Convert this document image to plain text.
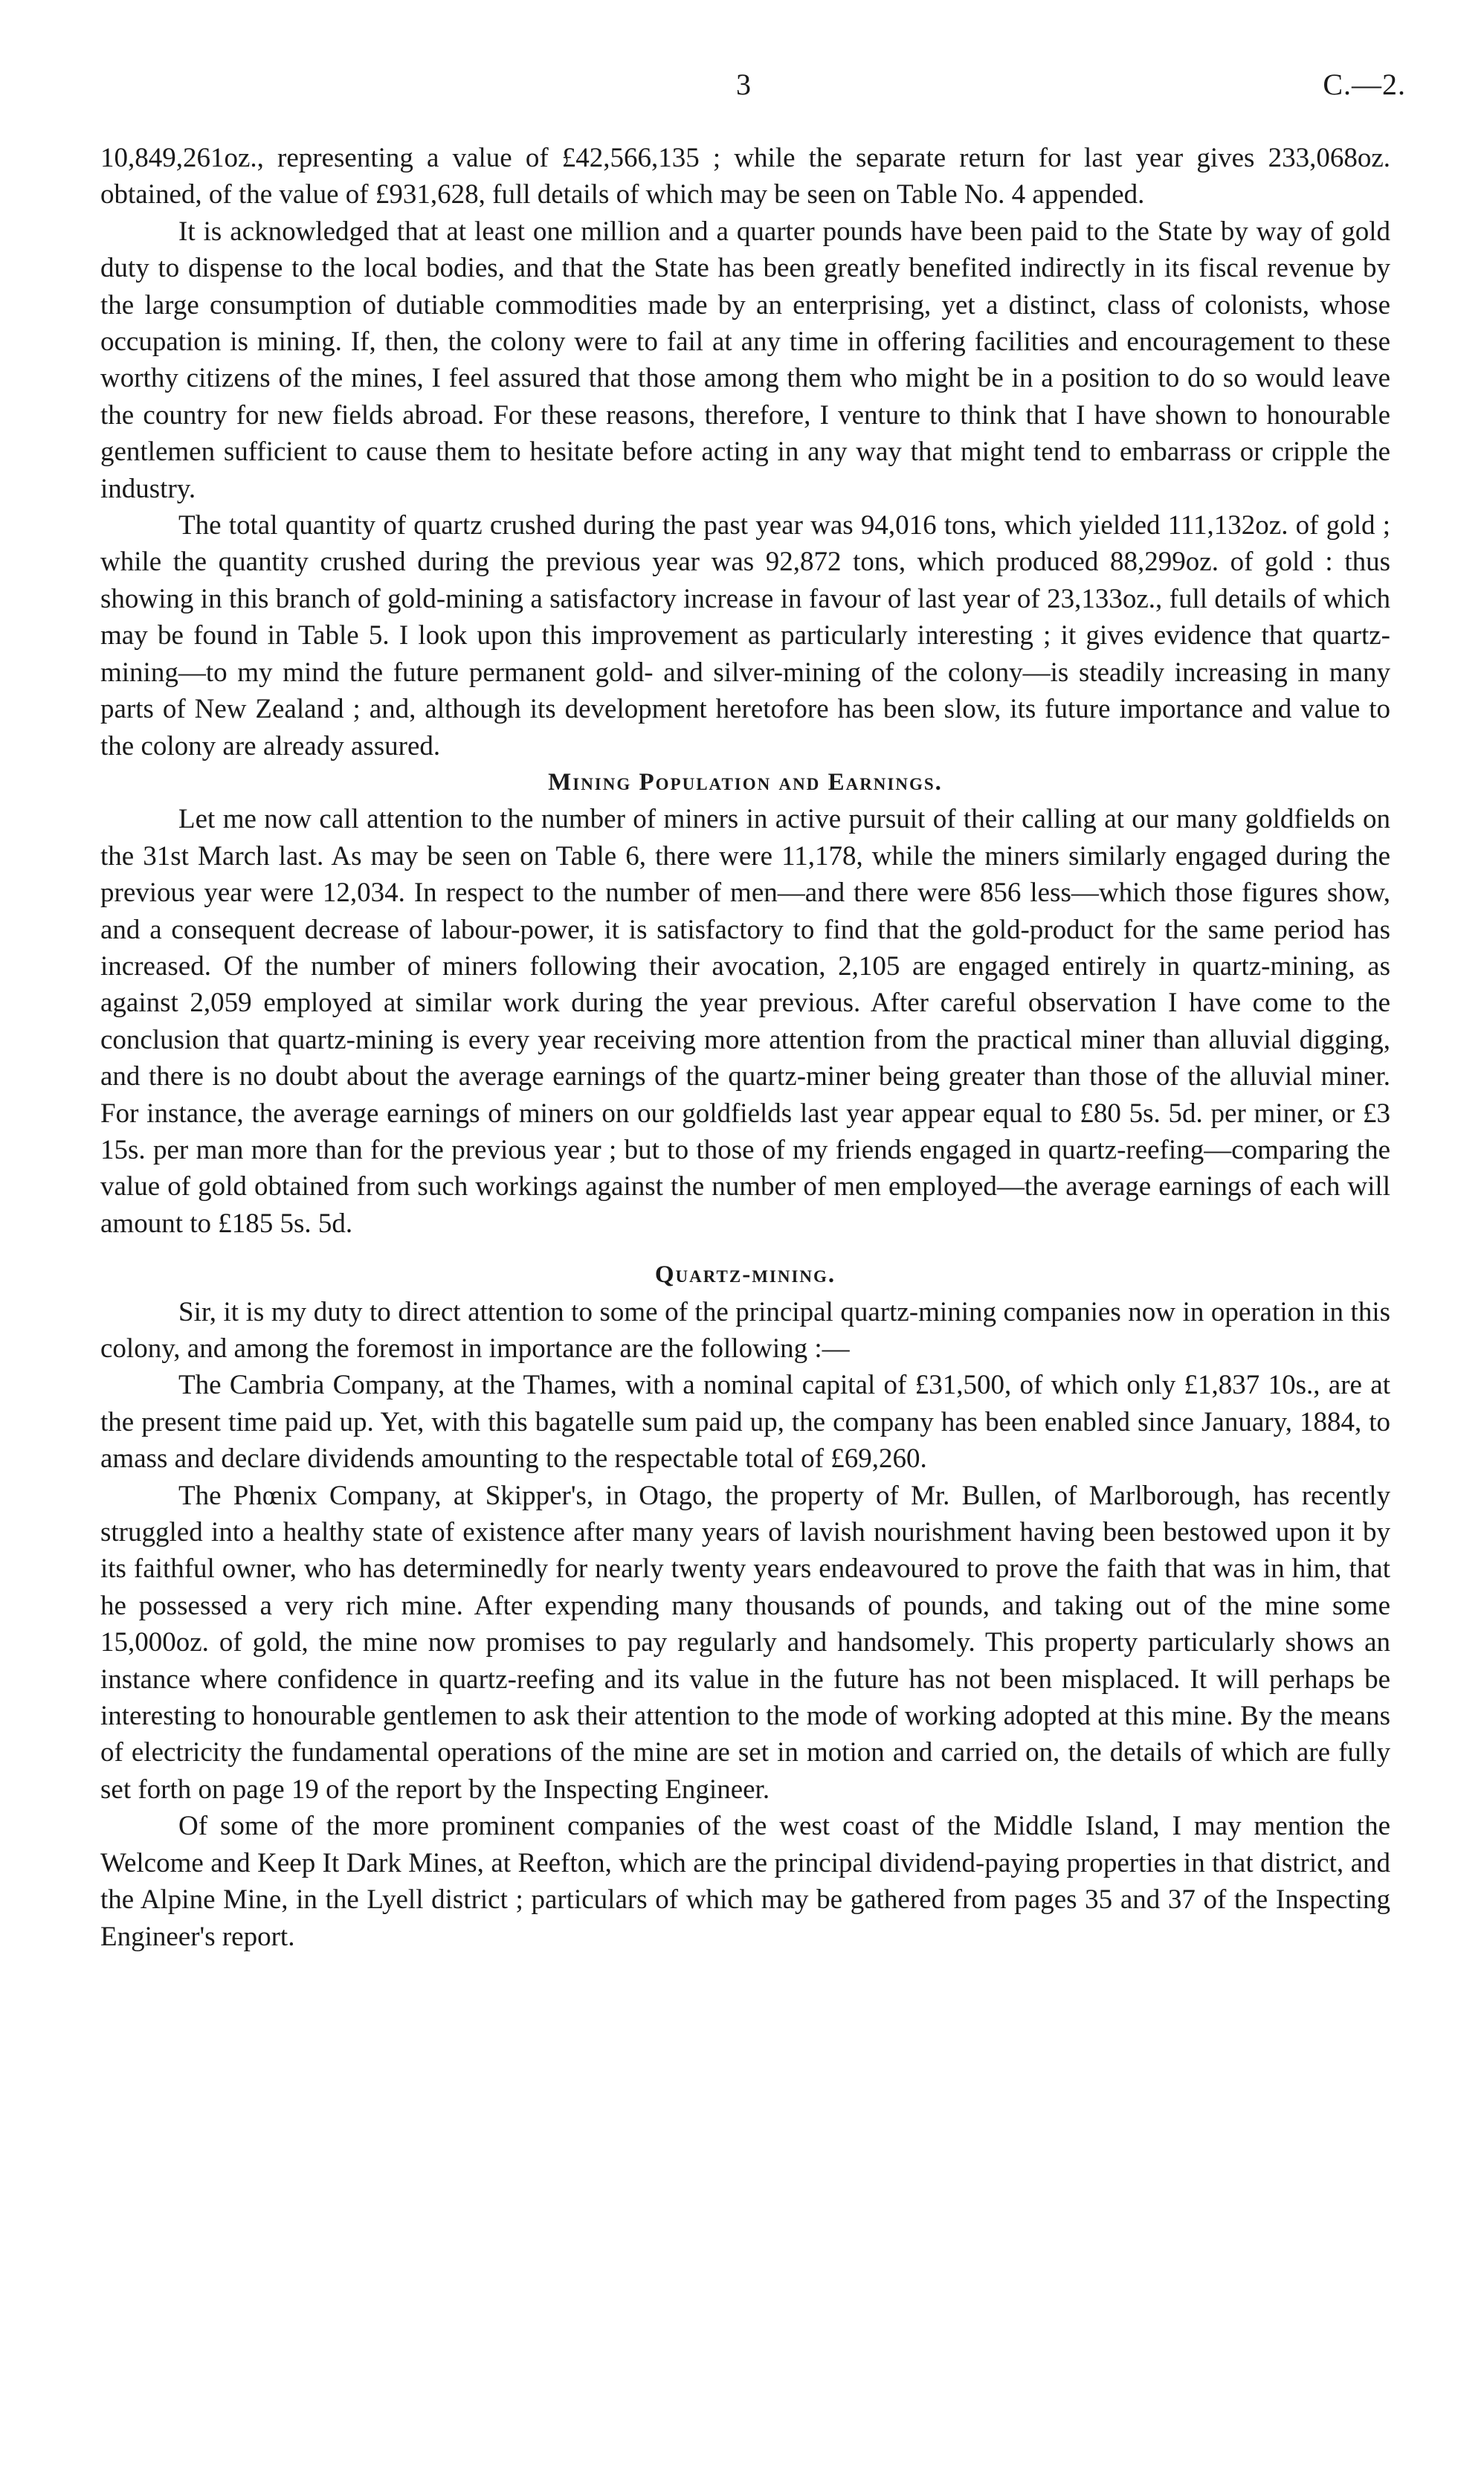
3	C.—2.

10,849,261oz., representing a value of £42,566,135 ; while the separate return for last year gives 233,068oz. obtained, of the value of £931,628, full details of which may be seen on Table No. 4 appended.

It is acknowledged that at least one million and a quarter pounds have been paid to the State by way of gold duty to dispense to the local bodies, and that the State has been greatly benefited indirectly in its fiscal revenue by the large consumption of dutiable commodities made by an enterprising, yet a distinct, class of colonists, whose occupation is mining. If, then, the colony were to fail at any time in offering facilities and encouragement to these worthy citizens of the mines, I feel assured that those among them who might be in a position to do so would leave the country for new fields abroad. For these reasons, therefore, I venture to think that I have shown to honourable gentlemen sufficient to cause them to hesitate before acting in any way that might tend to embarrass or cripple the industry.

The total quantity of quartz crushed during the past year was 94,016 tons, which yielded 111,132oz. of gold ; while the quantity crushed during the previous year was 92,872 tons, which produced 88,299oz. of gold : thus showing in this branch of gold-mining a satisfactory increase in favour of last year of 23,133oz., full details of which may be found in Table 5. I look upon this improvement as particularly interesting ; it gives evidence that quartz-mining—to my mind the future permanent gold- and silver-mining of the colony—is steadily increasing in many parts of New Zealand ; and, although its development heretofore has been slow, its future importance and value to the colony are already assured.

Mining Population and Earnings.

Let me now call attention to the number of miners in active pursuit of their calling at our many goldfields on the 31st March last. As may be seen on Table 6, there were 11,178, while the miners similarly engaged during the previous year were 12,034. In respect to the number of men—and there were 856 less—which those figures show, and a consequent decrease of labour-power, it is satisfactory to find that the gold-product for the same period has increased. Of the number of miners following their avocation, 2,105 are engaged entirely in quartz-mining, as against 2,059 employed at similar work during the year previous. After careful observation I have come to the conclusion that quartz-mining is every year receiving more attention from the practical miner than alluvial digging, and there is no doubt about the average earnings of the quartz-miner being greater than those of the alluvial miner. For instance, the average earnings of miners on our goldfields last year appear equal to £80 5s. 5d. per miner, or £3 15s. per man more than for the previous year ; but to those of my friends engaged in quartz-reefing—comparing the value of gold obtained from such workings against the number of men employed—the average earnings of each will amount to £185 5s. 5d.

Quartz-mining.

Sir, it is my duty to direct attention to some of the principal quartz-mining companies now in operation in this colony, and among the foremost in importance are the following :—

The Cambria Company, at the Thames, with a nominal capital of £31,500, of which only £1,837 10s., are at the present time paid up. Yet, with this bagatelle sum paid up, the company has been enabled since January, 1884, to amass and declare dividends amounting to the respectable total of £69,260.

The Phœnix Company, at Skipper's, in Otago, the property of Mr. Bullen, of Marlborough, has recently struggled into a healthy state of existence after many years of lavish nourishment having been bestowed upon it by its faithful owner, who has determinedly for nearly twenty years endeavoured to prove the faith that was in him, that he possessed a very rich mine. After expending many thousands of pounds, and taking out of the mine some 15,000oz. of gold, the mine now promises to pay regularly and handsomely. This property particularly shows an instance where confidence in quartz-reefing and its value in the future has not been misplaced. It will perhaps be interesting to honourable gentlemen to ask their attention to the mode of working adopted at this mine. By the means of electricity the fundamental operations of the mine are set in motion and carried on, the details of which are fully set forth on page 19 of the report by the Inspecting Engineer.

Of some of the more prominent companies of the west coast of the Middle Island, I may mention the Welcome and Keep It Dark Mines, at Reefton, which are the principal dividend-paying properties in that district, and the Alpine Mine, in the Lyell district ; particulars of which may be gathered from pages 35 and 37 of the Inspecting Engineer's report.
